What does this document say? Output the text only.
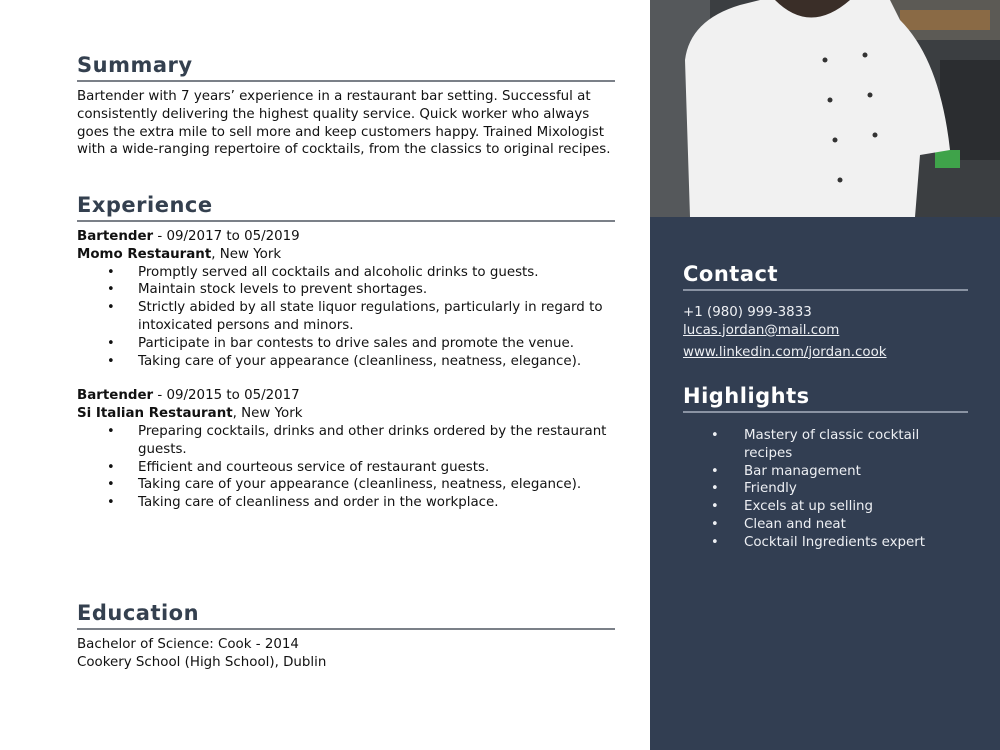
Summary

Bartender with 7 years’ experience in a restaurant bar setting. Successful at consistently delivering the highest quality service. Quick worker who always goes the extra mile to sell more and keep customers happy. Trained Mixologist with a wide-ranging repertoire of cocktails, from the classics to original recipes.

Experience
Bartender - 09/2017 to 05/2019
Momo Restaurant, New York
• Promptly served all cocktails and alcoholic drinks to guests.
• Maintain stock levels to prevent shortages.
• Strictly abided by all state liquor regulations, particularly in regard to intoxicated persons and minors.
• Participate in bar contests to drive sales and promote the venue.
• Taking care of your appearance (cleanliness, neatness, elegance).
Bartender - 09/2015 to 05/2017
Si Italian Restaurant, New York
• Preparing cocktails, drinks and other drinks ordered by the restaurant guests.
• Efficient and courteous service of restaurant guests.
• Taking care of your appearance (cleanliness, neatness, elegance).
• Taking care of cleanliness and order in the workplace.
Education
Bachelor of Science: Cook - 2014
Cookery School (High School), Dublin
Contact
+1 (980) 999-3833
lucas.jordan@mail.com
www.linkedin.com/jordan.cook
Highlights
• Mastery of classic cocktail recipes
• Bar management
• Friendly
• Excels at up selling
• Clean and neat
• Cocktail Ingredients expert
